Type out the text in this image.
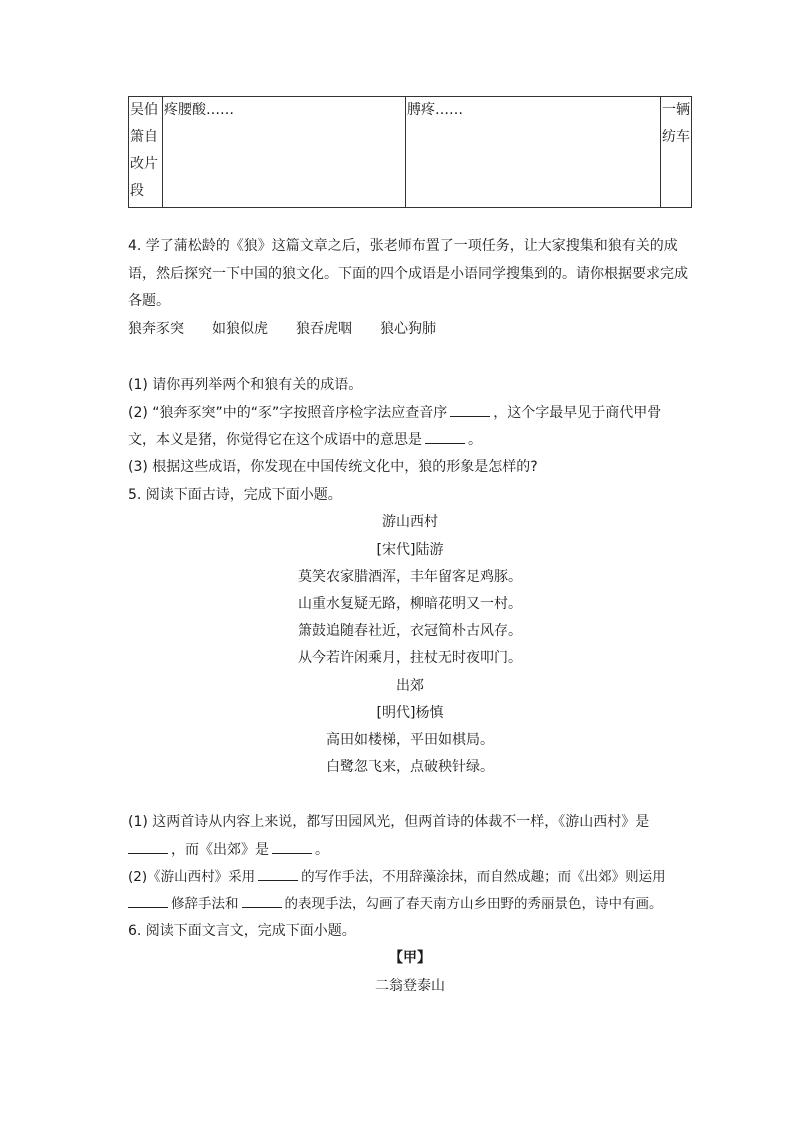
吴伯箫自改片段	疼腰酸……	膊疼……	一辆纺车
4. 学了蒲松龄的《狼》这篇文章之后，张老师布置了一项任务，让大家搜集和狼有关的成
语，然后探究一下中国的狼文化。下面的四个成语是小语同学搜集到的。请你根据要求完成
各题。
狼奔豕突 如狼似虎 狼吞虎咽 狼心狗肺
(1) 请你再列举两个和狼有关的成语。
(2) “狼奔豕突”中的“豕”字按照音序检字法应查音序	，这个字最早见于商代甲骨
文，本义是猪，你觉得它在这个成语中的意思是	。
(3) 根据这些成语，你发现在中国传统文化中，狼的形象是怎样的?
5. 阅读下面古诗，完成下面小题。
游山西村
[宋代]陆游
莫笑农家腊酒浑，丰年留客足鸡豚。
山重水复疑无路，柳暗花明又一村。
箫鼓追随春社近，衣冠简朴古风存。
从今若许闲乘月，拄杖无时夜叩门。
出郊
[明代]杨慎
高田如楼梯，平田如棋局。
白鹭忽飞来，点破秧针绿。
(1) 这两首诗从内容上来说，都写田园风光，但两首诗的体裁不一样，《游山西村》是
，而《出郊》是	。
(2)《游山西村》采用	的写作手法，不用辞藻涂抹，而自然成趣；而《出郊》则运用
修辞手法和	的表现手法，勾画了春天南方山乡田野的秀丽景色，诗中有画。
6. 阅读下面文言文，完成下面小题。
【甲】
二翁登泰山
